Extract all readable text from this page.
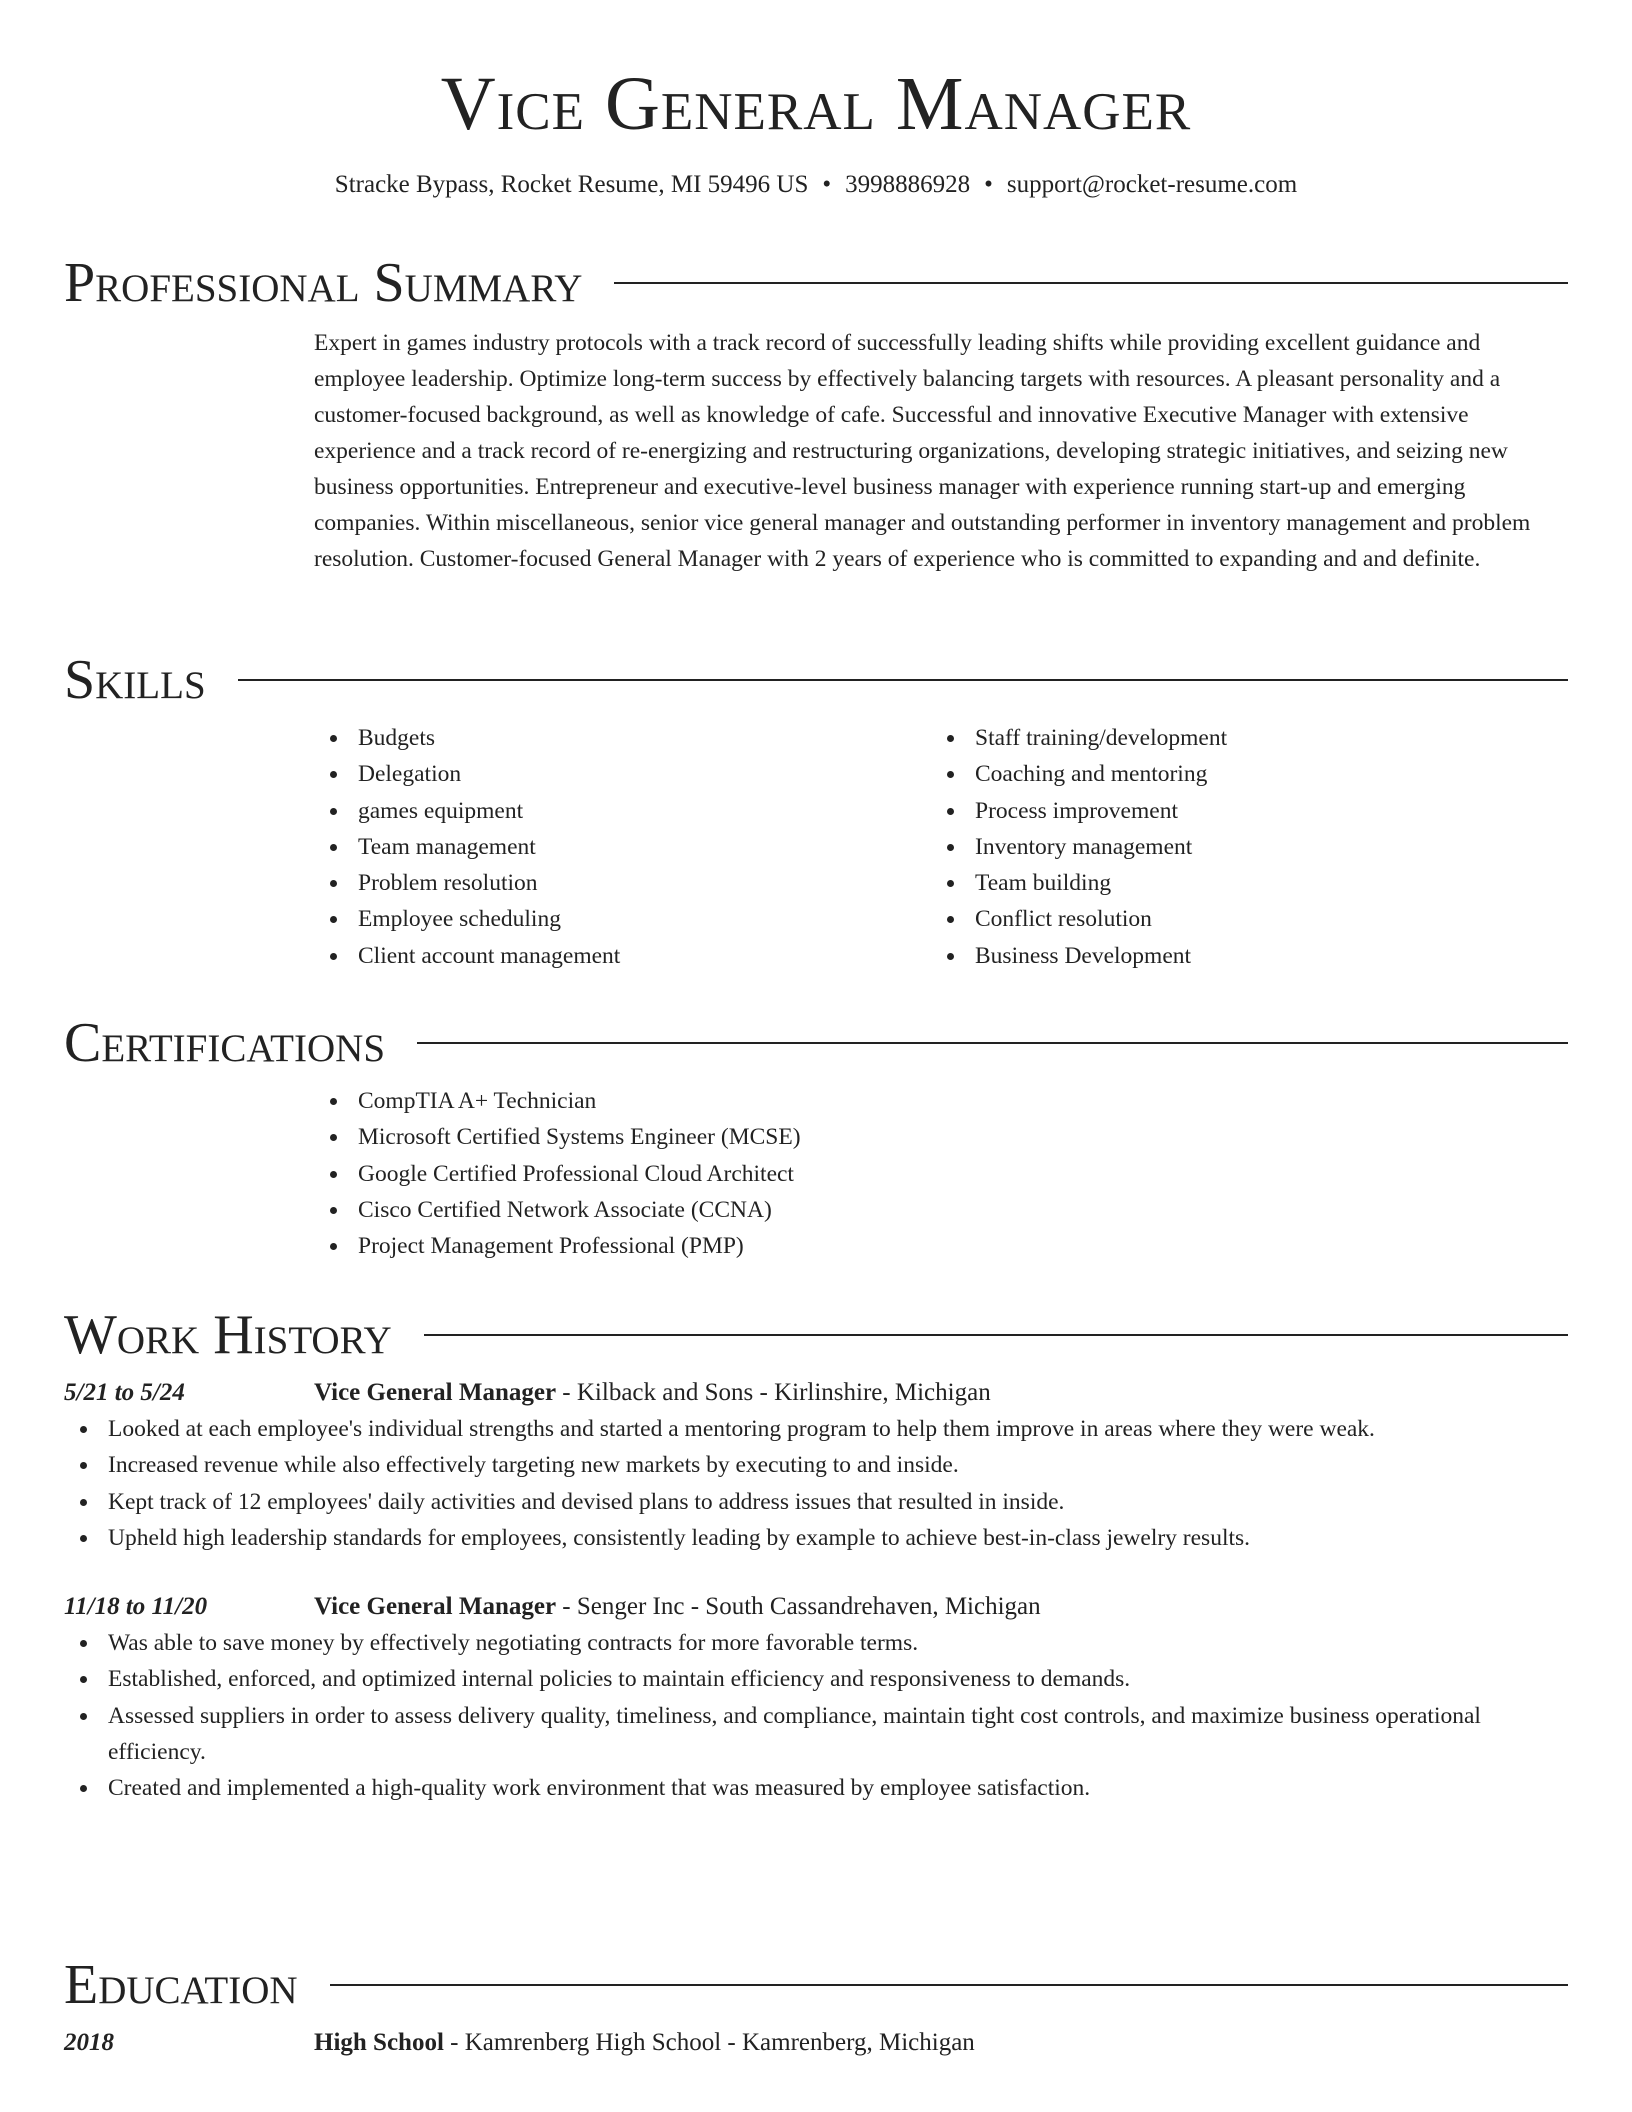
Vice General Manager
Stracke Bypass, Rocket Resume, MI 59496 US • 3998886928 • support@rocket-resume.com
Professional Summary

Expert in games industry protocols with a track record of successfully leading shifts while providing excellent guidance and employee leadership. Optimize long-term success by effectively balancing targets with resources. A pleasant personality and a customer-focused background, as well as knowledge of cafe. Successful and innovative Executive Manager with extensive experience and a track record of re-energizing and restructuring organizations, developing strategic initiatives, and seizing new business opportunities. Entrepreneur and executive-level business manager with experience running start-up and emerging companies. Within miscellaneous, senior vice general manager and outstanding performer in inventory management and problem resolution. Customer-focused General Manager with 2 years of experience who is committed to expanding and and definite.

Skills
Budgets
Delegation
games equipment
Team management
Problem resolution
Employee scheduling
Client account management
Staff training/development
Coaching and mentoring
Process improvement
Inventory management
Team building
Conflict resolution
Business Development
Certifications
CompTIA A+ Technician
Microsoft Certified Systems Engineer (MCSE)
Google Certified Professional Cloud Architect
Cisco Certified Network Associate (CCNA)
Project Management Professional (PMP)
Work History
5/21 to 5/24	Vice General Manager - Kilback and Sons - Kirlinshire, Michigan
Looked at each employee's individual strengths and started a mentoring program to help them improve in areas where they were weak.
Increased revenue while also effectively targeting new markets by executing to and inside.
Kept track of 12 employees' daily activities and devised plans to address issues that resulted in inside.
Upheld high leadership standards for employees, consistently leading by example to achieve best-in-class jewelry results.
11/18 to 11/20	Vice General Manager - Senger Inc - South Cassandrehaven, Michigan
Was able to save money by effectively negotiating contracts for more favorable terms.
Established, enforced, and optimized internal policies to maintain efficiency and responsiveness to demands.
Assessed suppliers in order to assess delivery quality, timeliness, and compliance, maintain tight cost controls, and maximize business operational efficiency.
Created and implemented a high-quality work environment that was measured by employee satisfaction.
Education
2018	High School - Kamrenberg High School - Kamrenberg, Michigan
